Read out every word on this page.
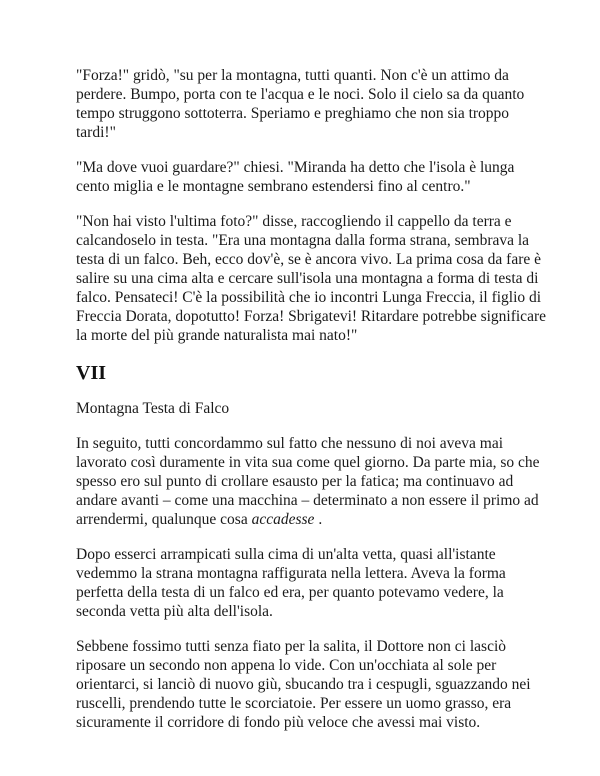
"Forza!" gridò, "su per la montagna, tutti quanti. Non c'è un attimo da perdere. Bumpo, porta con te l'acqua e le noci. Solo il cielo sa da quanto tempo struggono sottoterra. Speriamo e preghiamo che non sia troppo tardi!"

"Ma dove vuoi guardare?" chiesi. "Miranda ha detto che l'isola è lunga cento miglia e le montagne sembrano estendersi fino al centro."

"Non hai visto l'ultima foto?" disse, raccogliendo il cappello da terra e calcandoselo in testa. "Era una montagna dalla forma strana, sembrava la testa di un falco. Beh, ecco dov'è, se è ancora vivo. La prima cosa da fare è salire su una cima alta e cercare sull'isola una montagna a forma di testa di falco. Pensateci! C'è la possibilità che io incontri Lunga Freccia, il figlio di Freccia Dorata, dopotutto! Forza! Sbrigatevi! Ritardare potrebbe significare la morte del più grande naturalista mai nato!"

VII

Montagna Testa di Falco

In seguito, tutti concordammo sul fatto che nessuno di noi aveva mai lavorato così duramente in vita sua come quel giorno. Da parte mia, so che spesso ero sul punto di crollare esausto per la fatica; ma continuavo ad andare avanti – come una macchina – determinato a non essere il primo ad arrendermi, qualunque cosa accadesse .

Dopo esserci arrampicati sulla cima di un'alta vetta, quasi all'istante vedemmo la strana montagna raffigurata nella lettera. Aveva la forma perfetta della testa di un falco ed era, per quanto potevamo vedere, la seconda vetta più alta dell'isola.

Sebbene fossimo tutti senza fiato per la salita, il Dottore non ci lasciò riposare un secondo non appena lo vide. Con un'occhiata al sole per orientarci, si lanciò di nuovo giù, sbucando tra i cespugli, sguazzando nei ruscelli, prendendo tutte le scorciatoie. Per essere un uomo grasso, era sicuramente il corridore di fondo più veloce che avessi mai visto.
